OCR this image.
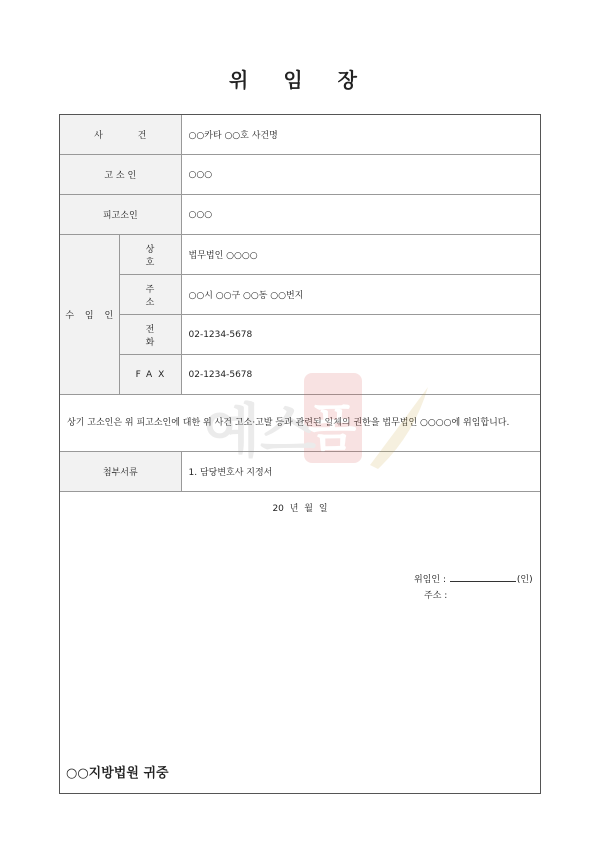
위 임 장
사 건		○○카타 ○○호 사건명
고 소 인		○○○
피고소인		○○○
수 임 인	상 호	법무법인 ○○○○
	주 소	○○시 ○○구 ○○동 ○○번지
	전 화	02-1234-5678
	FAX	02-1234-5678
상기 고소인은 위 피고소인에 대한 위 사건 고소·고발 등과 관련된 일체의 권한을 법무법인 ○○○○에 위임합니다.		
첨부서류		1. 담당변호사 지정서
20 년 월 일
위임인 :	(인)
주소 :
○○지방법원 귀중
예스
폼
